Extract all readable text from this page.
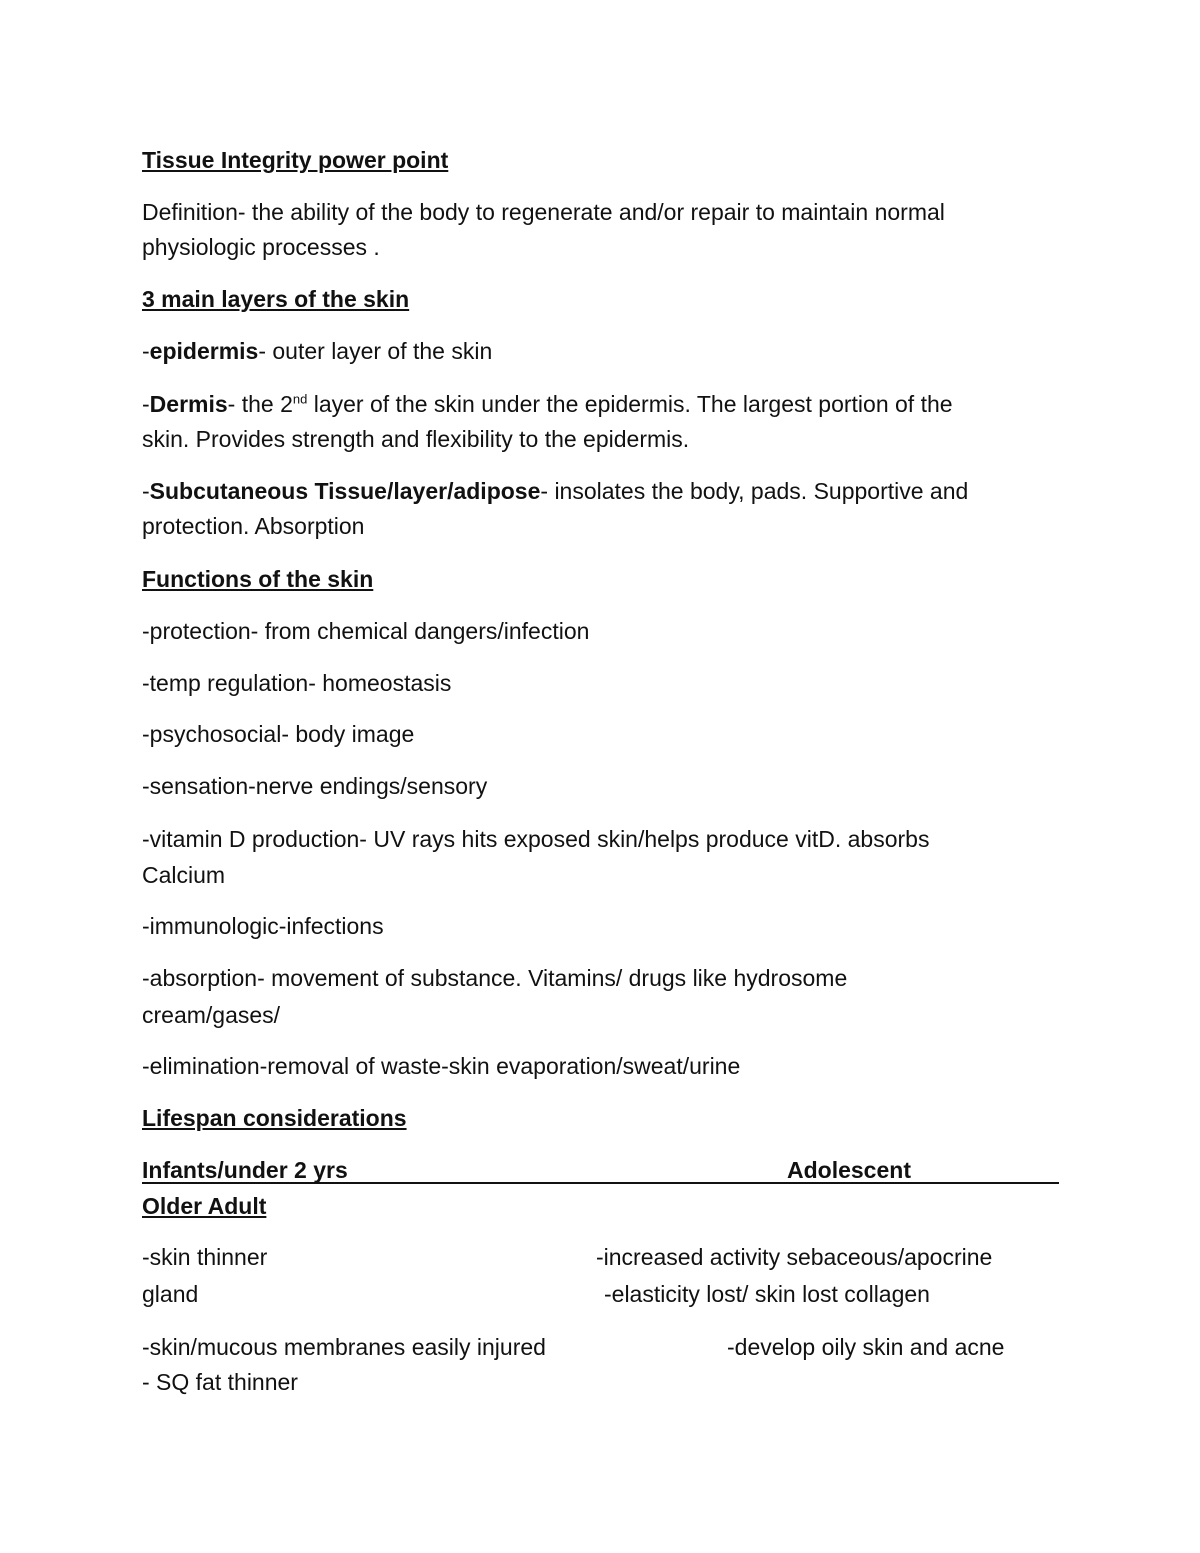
Tissue Integrity power point
Definition- the ability of the body to regenerate and/or repair to maintain normal
physiologic processes .
3 main layers of the skin
-epidermis- outer layer of the skin
-Dermis- the 2nd layer of the skin under the epidermis. The largest portion of the
skin. Provides strength and flexibility to the epidermis.
-Subcutaneous Tissue/layer/adipose- insolates the body, pads. Supportive and
protection. Absorption
Functions of the skin
-protection- from chemical dangers/infection
-temp regulation- homeostasis
-psychosocial- body image
-sensation-nerve endings/sensory
-vitamin D production- UV rays hits exposed skin/helps produce vitD. absorbs
Calcium
-immunologic-infections
-absorption- movement of substance. Vitamins/ drugs like hydrosome
cream/gases/
-elimination-removal of waste-skin evaporation/sweat/urine
Lifespan considerations
Infants/under 2 yrs	Adolescent
Older Adult
-skin thinner	-increased activity sebaceous/apocrine
gland	-elasticity lost/ skin lost collagen
-skin/mucous membranes easily injured	-develop oily skin and acne
- SQ fat thinner
